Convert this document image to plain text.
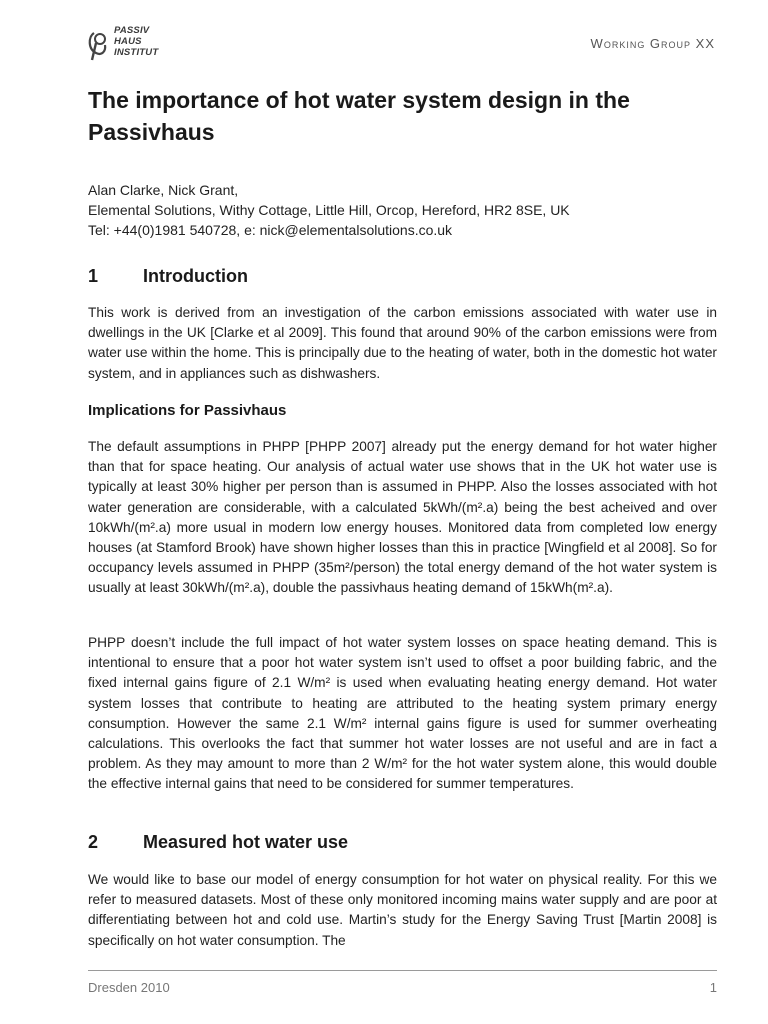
PASSIV
HAUS
INSTITUT
Working Group XX
The importance of hot water system design in the Passivhaus
Alan Clarke, Nick Grant,
Elemental Solutions, Withy Cottage, Little Hill, Orcop, Hereford, HR2 8SE, UK
Tel: +44(0)1981 540728, e: nick@elementalsolutions.co.uk
1 Introduction

This work is derived from an investigation of the carbon emissions associated with water use in dwellings in the UK [Clarke et al 2009]. This found that around 90% of the carbon emissions were from water use within the home. This is principally due to the heating of water, both in the domestic hot water system, and in appliances such as dishwashers.

Implications for Passivhaus

The default assumptions in PHPP [PHPP 2007] already put the energy demand for hot water higher than that for space heating. Our analysis of actual water use shows that in the UK hot water use is typically at least 30% higher per person than is assumed in PHPP. Also the losses associated with hot water generation are considerable, with a calculated 5kWh/(m².a) being the best acheived and over 10kWh/(m².a) more usual in modern low energy houses. Monitored data from completed low energy houses (at Stamford Brook) have shown higher losses than this in practice [Wingfield et al 2008]. So for occupancy levels assumed in PHPP (35m²/person) the total energy demand of the hot water system is usually at least 30kWh/(m².a), double the passivhaus heating demand of 15kWh(m².a).

PHPP doesn’t include the full impact of hot water system losses on space heating demand. This is intentional to ensure that a poor hot water system isn’t used to offset a poor building fabric, and the fixed internal gains figure of 2.1 W/m² is used when evaluating heating energy demand. Hot water system losses that contribute to heating are attributed to the heating system primary energy consumption. However the same 2.1 W/m² internal gains figure is used for summer overheating calculations. This overlooks the fact that summer hot water losses are not useful and are in fact a problem. As they may amount to more than 2 W/m² for the hot water system alone, this would double the effective internal gains that need to be considered for summer temperatures.

2 Measured hot water use

We would like to base our model of energy consumption for hot water on physical reality. For this we refer to measured datasets. Most of these only monitored incoming mains water supply and are poor at differentiating between hot and cold use. Martin’s study for the Energy Saving Trust [Martin 2008] is specifically on hot water consumption. The

Dresden 2010	1
